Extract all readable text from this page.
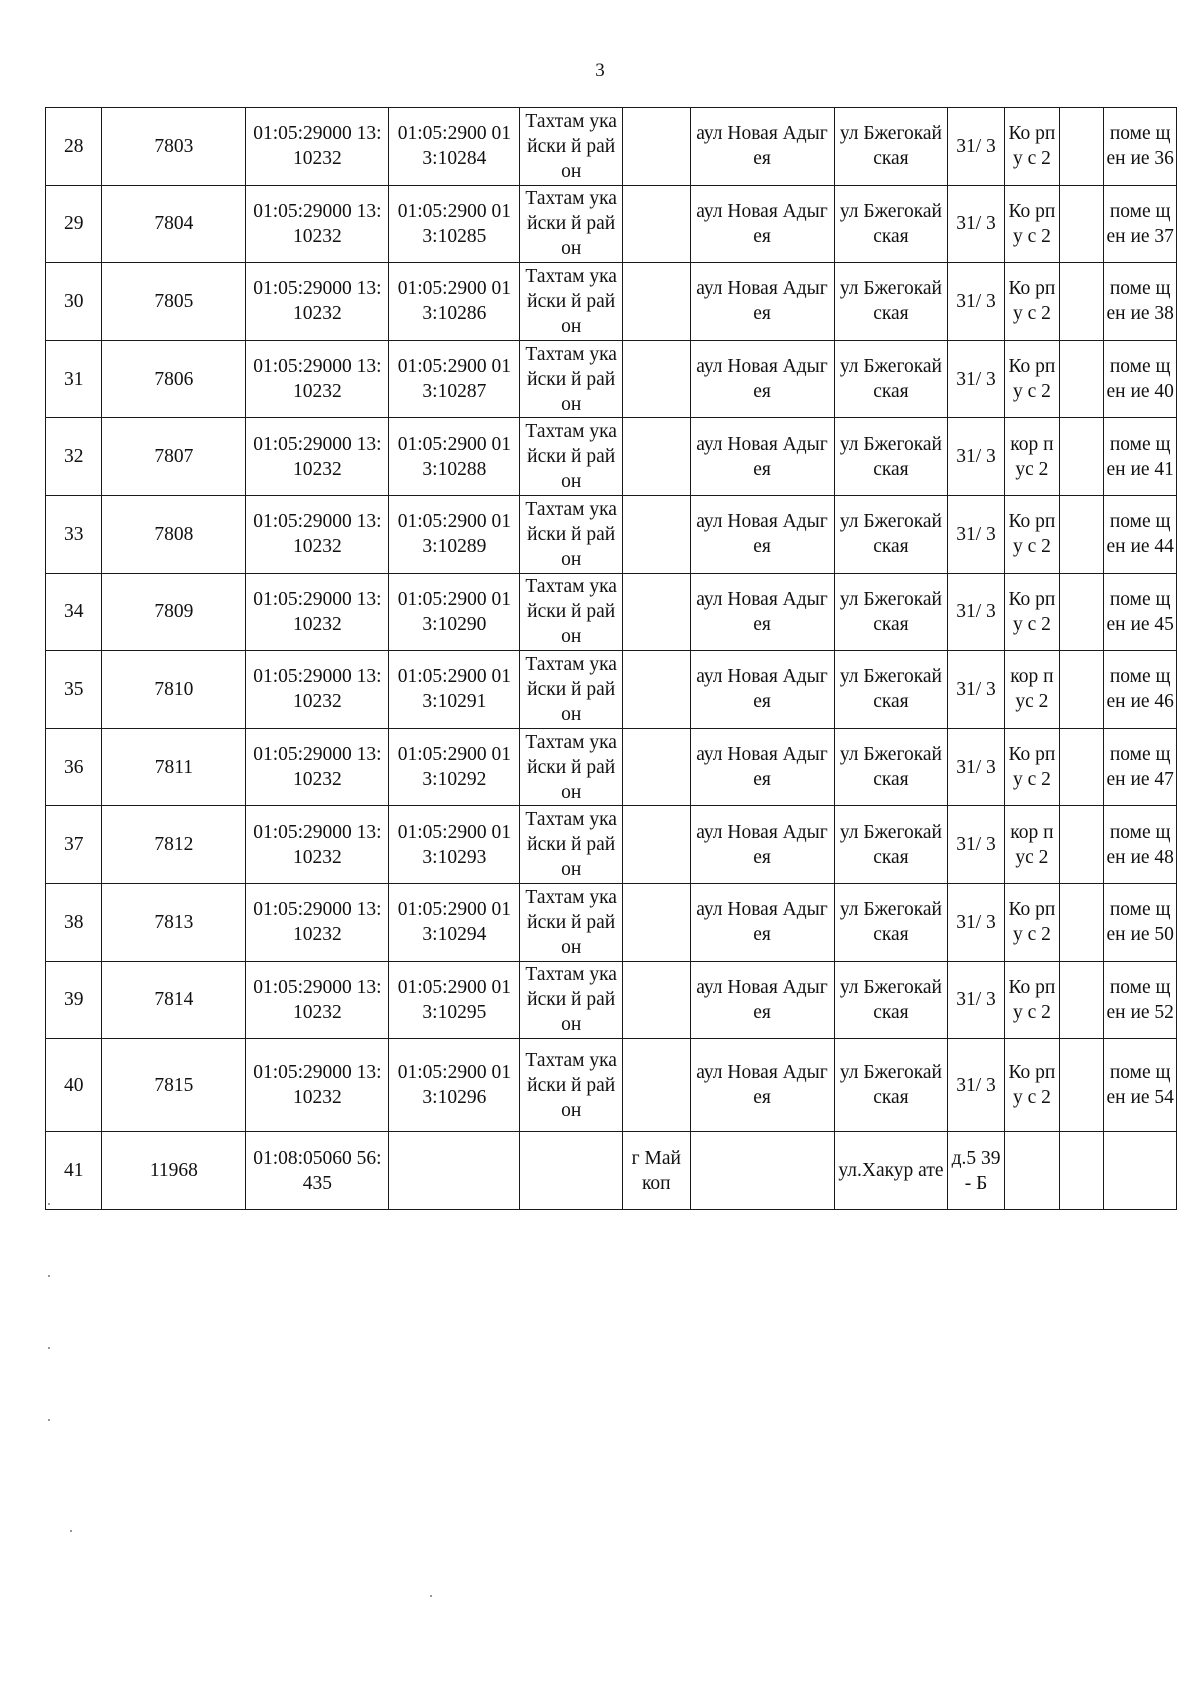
3
28	7803	01:05:29000 13:10232	01:05:2900 013:10284	Тахтам укайски й район		аул Новая Адыгея	ул Бжегокай ская	31/ 3	Ко рпу с 2		поме щен ие 36
29	7804	01:05:29000 13:10232	01:05:2900 013:10285	Тахтам укайски й район		аул Новая Адыгея	ул Бжегокай ская	31/ 3	Ко рпу с 2		поме щен ие 37
30	7805	01:05:29000 13:10232	01:05:2900 013:10286	Тахтам укайски й район		аул Новая Адыгея	ул Бжегокай ская	31/ 3	Ко рпу с 2		поме щен ие 38
31	7806	01:05:29000 13:10232	01:05:2900 013:10287	Тахтам укайски й район		аул Новая Адыгея	ул Бжегокай ская	31/ 3	Ко рпу с 2		поме щен ие 40
32	7807	01:05:29000 13:10232	01:05:2900 013:10288	Тахтам укайски й район		аул Новая Адыгея	ул Бжегокай ская	31/ 3	кор пус 2		поме щен ие 41
33	7808	01:05:29000 13:10232	01:05:2900 013:10289	Тахтам укайски й район		аул Новая Адыгея	ул Бжегокай ская	31/ 3	Ко рпу с 2		поме щен ие 44
34	7809	01:05:29000 13:10232	01:05:2900 013:10290	Тахтам укайски й район		аул Новая Адыгея	ул Бжегокай ская	31/ 3	Ко рпу с 2		поме щен ие 45
35	7810	01:05:29000 13:10232	01:05:2900 013:10291	Тахтам укайски й район		аул Новая Адыгея	ул Бжегокай ская	31/ 3	кор пус 2		поме щен ие 46
36	7811	01:05:29000 13:10232	01:05:2900 013:10292	Тахтам укайски й район		аул Новая Адыгея	ул Бжегокай ская	31/ 3	Ко рпу с 2		поме щен ие 47
37	7812	01:05:29000 13:10232	01:05:2900 013:10293	Тахтам укайски й район		аул Новая Адыгея	ул Бжегокай ская	31/ 3	кор пус 2		поме щен ие 48
38	7813	01:05:29000 13:10232	01:05:2900 013:10294	Тахтам укайски й район		аул Новая Адыгея	ул Бжегокай ская	31/ 3	Ко рпу с 2		поме щен ие 50
39	7814	01:05:29000 13:10232	01:05:2900 013:10295	Тахтам укайски й район		аул Новая Адыгея	ул Бжегокай ская	31/ 3	Ко рпу с 2		поме щен ие 52
40	7815	01:05:29000 13:10232	01:05:2900 013:10296	Тахтам укайски й район		аул Новая Адыгея	ул Бжегокай ская	31/ 3	Ко рпу с 2		поме щен ие 54
41	11968	01:08:05060 56:435			г Май коп		ул.Хакур ате	д.5 39- Б			
